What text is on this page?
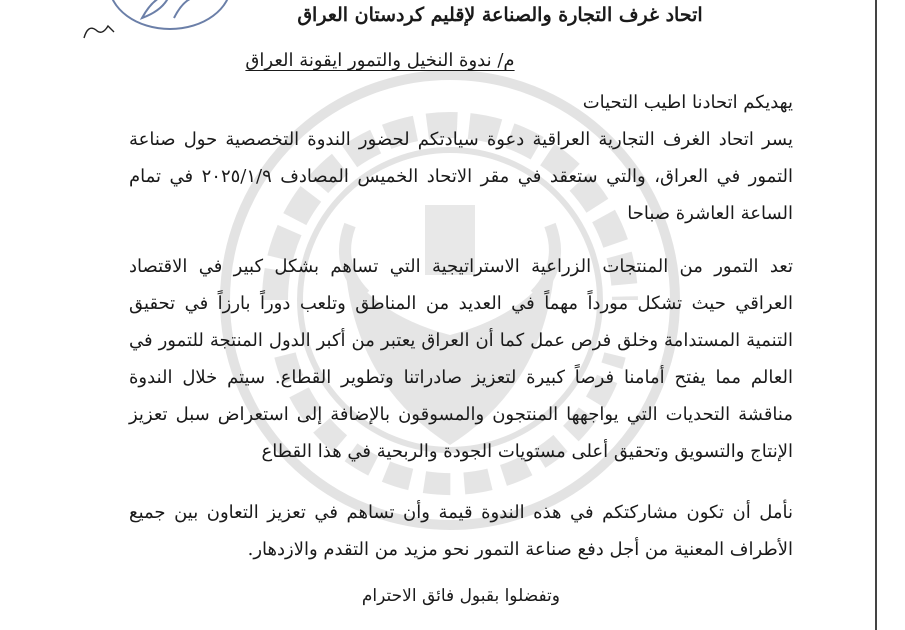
اتحاد غرف التجارة والصناعة لإقليم كردستان العراق
م/ ندوة النخيل والتمور ايقونة العراق

يهديكم اتحادنا اطيب التحيات

يسر اتحاد الغرف التجارية العراقية دعوة سيادتكم لحضور الندوة التخصصية حول صناعة التمور في العراق، والتي ستعقد في مقر الاتحاد الخميس المصادف ٢٠٢٥/١/٩ في تمام الساعة العاشرة صباحا

تعد التمور من المنتجات الزراعية الاستراتيجية التي تساهم بشكل كبير في الاقتصاد العراقي حيث تشكل مورداً مهماً في العديد من المناطق وتلعب دوراً بارزاً في تحقيق التنمية المستدامة وخلق فرص عمل كما أن العراق يعتبر من أكبر الدول المنتجة للتمور في العالم مما يفتح أمامنا فرصاً كبيرة لتعزيز صادراتنا وتطوير القطاع. سيتم خلال الندوة مناقشة التحديات التي يواجهها المنتجون والمسوقون بالإضافة إلى استعراض سبل تعزيز الإنتاج والتسويق وتحقيق أعلى مستويات الجودة والربحية في هذا القطاع

نأمل أن تكون مشاركتكم في هذه الندوة قيمة وأن تساهم في تعزيز التعاون بين جميع الأطراف المعنية من أجل دفع صناعة التمور نحو مزيد من التقدم والازدهار.

وتفضلوا بقبول فائق الاحترام
